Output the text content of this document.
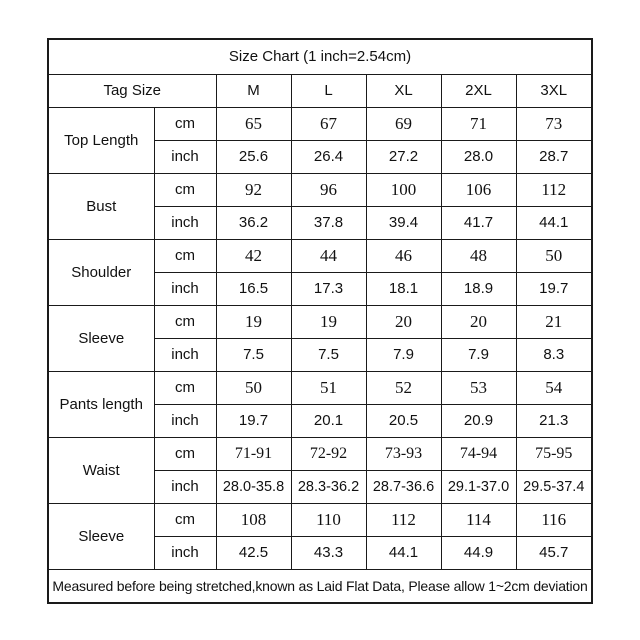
Size Chart (1 inch=2.54cm)						
Tag Size		M	L	XL	2XL	3XL
Top Length	cm	65	67	69	71	73
	inch	25.6	26.4	27.2	28.0	28.7
Bust	cm	92	96	100	106	112
	inch	36.2	37.8	39.4	41.7	44.1
Shoulder	cm	42	44	46	48	50
	inch	16.5	17.3	18.1	18.9	19.7
Sleeve	cm	19	19	20	20	21
	inch	7.5	7.5	7.9	7.9	8.3
Pants length	cm	50	51	52	53	54
	inch	19.7	20.1	20.5	20.9	21.3
Waist	cm	71-91	72-92	73-93	74-94	75-95
	inch	28.0-35.8	28.3-36.2	28.7-36.6	29.1-37.0	29.5-37.4
Sleeve	cm	108	110	112	114	116
	inch	42.5	43.3	44.1	44.9	45.7
Measured before being stretched,known as Laid Flat Data, Please allow 1~2cm deviation						
